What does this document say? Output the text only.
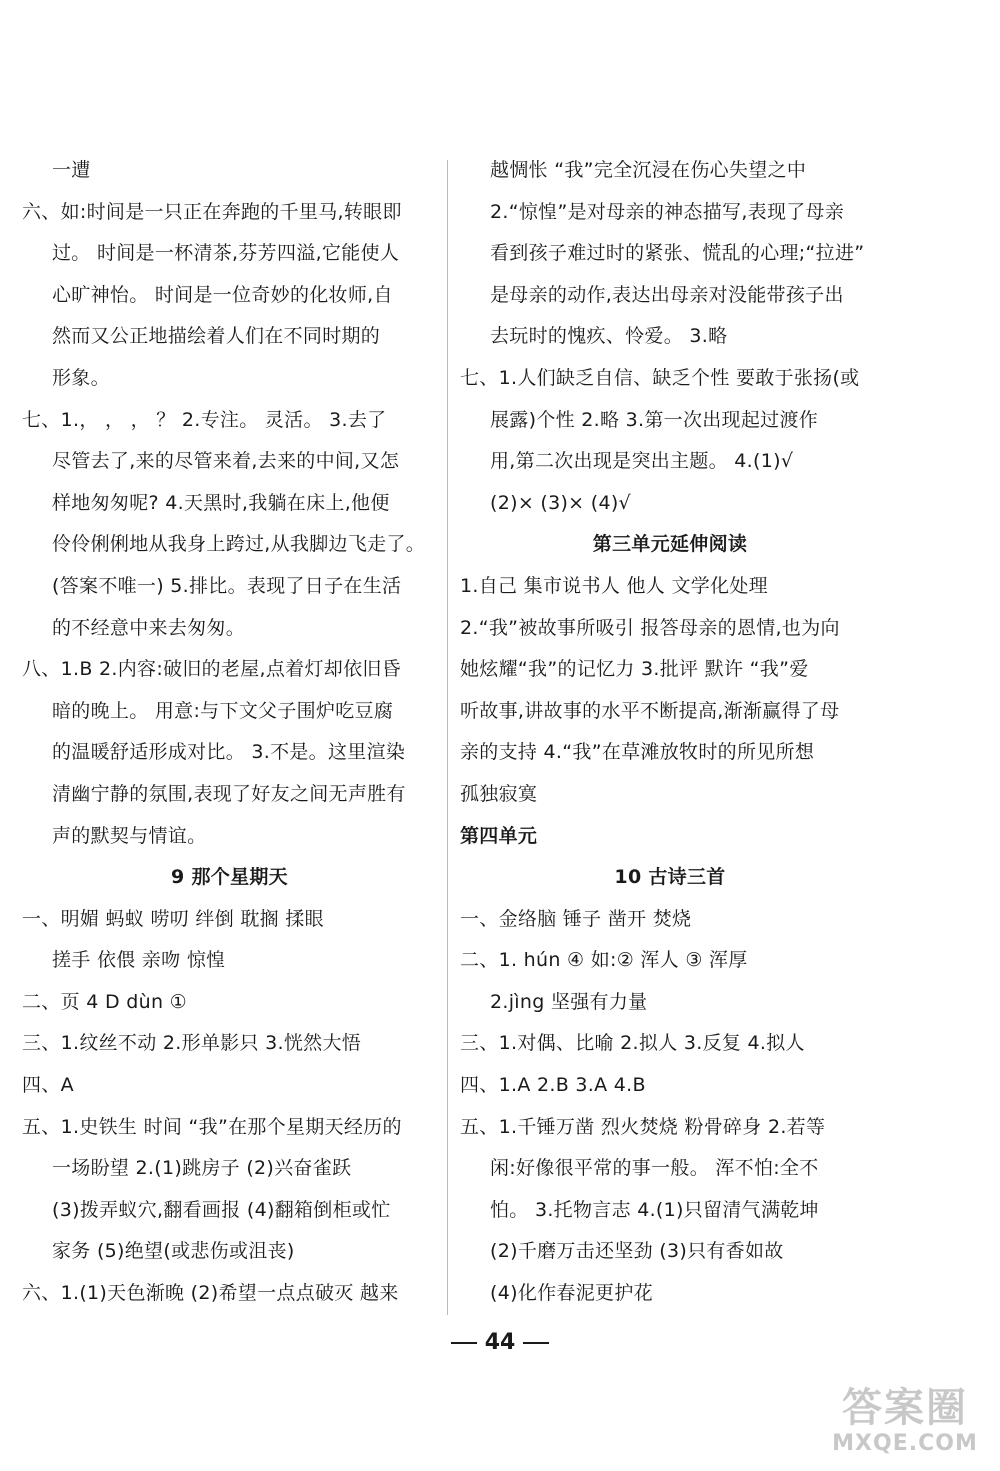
一遭
六、如:时间是一只正在奔跑的千里马,转眼即
过。 时间是一杯清茶,芬芳四溢,它能使人
心旷神怡。 时间是一位奇妙的化妆师,自
然而又公正地描绘着人们在不同时期的
形象。
七、1.， ， ， ？ 2.专注。 灵活。 3.去了
尽管去了,来的尽管来着,去来的中间,又怎
样地匆匆呢? 4.天黑时,我躺在床上,他便
伶伶俐俐地从我身上跨过,从我脚边飞走了。
(答案不唯一) 5.排比。表现了日子在生活
的不经意中来去匆匆。
八、1.B 2.内容:破旧的老屋,点着灯却依旧昏
暗的晚上。 用意:与下文父子围炉吃豆腐
的温暖舒适形成对比。 3.不是。这里渲染
清幽宁静的氛围,表现了好友之间无声胜有
声的默契与情谊。
9 那个星期天
一、明媚 蚂蚁 唠叨 绊倒 耽搁 揉眼
搓手 依偎 亲吻 惊惶
二、页 4 D dùn ①
三、1.纹丝不动 2.形单影只 3.恍然大悟
四、A
五、1.史铁生 时间 “我”在那个星期天经历的
一场盼望 2.(1)跳房子 (2)兴奋雀跃
(3)拨弄蚁穴,翻看画报 (4)翻箱倒柜或忙
家务 (5)绝望(或悲伤或沮丧)
六、1.(1)天色渐晚 (2)希望一点点破灭 越来
越惆怅 “我”完全沉浸在伤心失望之中
2.“惊惶”是对母亲的神态描写,表现了母亲
看到孩子难过时的紧张、慌乱的心理;“拉进”
是母亲的动作,表达出母亲对没能带孩子出
去玩时的愧疚、怜爱。 3.略
七、1.人们缺乏自信、缺乏个性 要敢于张扬(或
展露)个性 2.略 3.第一次出现起过渡作
用,第二次出现是突出主题。 4.(1)√
(2)× (3)× (4)√
第三单元延伸阅读
1.自己 集市说书人 他人 文学化处理
2.“我”被故事所吸引 报答母亲的恩情,也为向
她炫耀“我”的记忆力 3.批评 默许 “我”爱
听故事,讲故事的水平不断提高,渐渐赢得了母
亲的支持 4.“我”在草滩放牧时的所见所想
孤独寂寞
第四单元
10 古诗三首
一、金络脑 锤子 凿开 焚烧
二、1. hún ④ 如:② 浑人 ③ 浑厚
2.jìng 坚强有力量
三、1.对偶、比喻 2.拟人 3.反复 4.拟人
四、1.A 2.B 3.A 4.B
五、1.千锤万凿 烈火焚烧 粉骨碎身 2.若等
闲:好像很平常的事一般。 浑不怕:全不
怕。 3.托物言志 4.(1)只留清气满乾坤
(2)千磨万击还坚劲 (3)只有香如故
(4)化作春泥更护花
44
答案圈
MXQE.COM
